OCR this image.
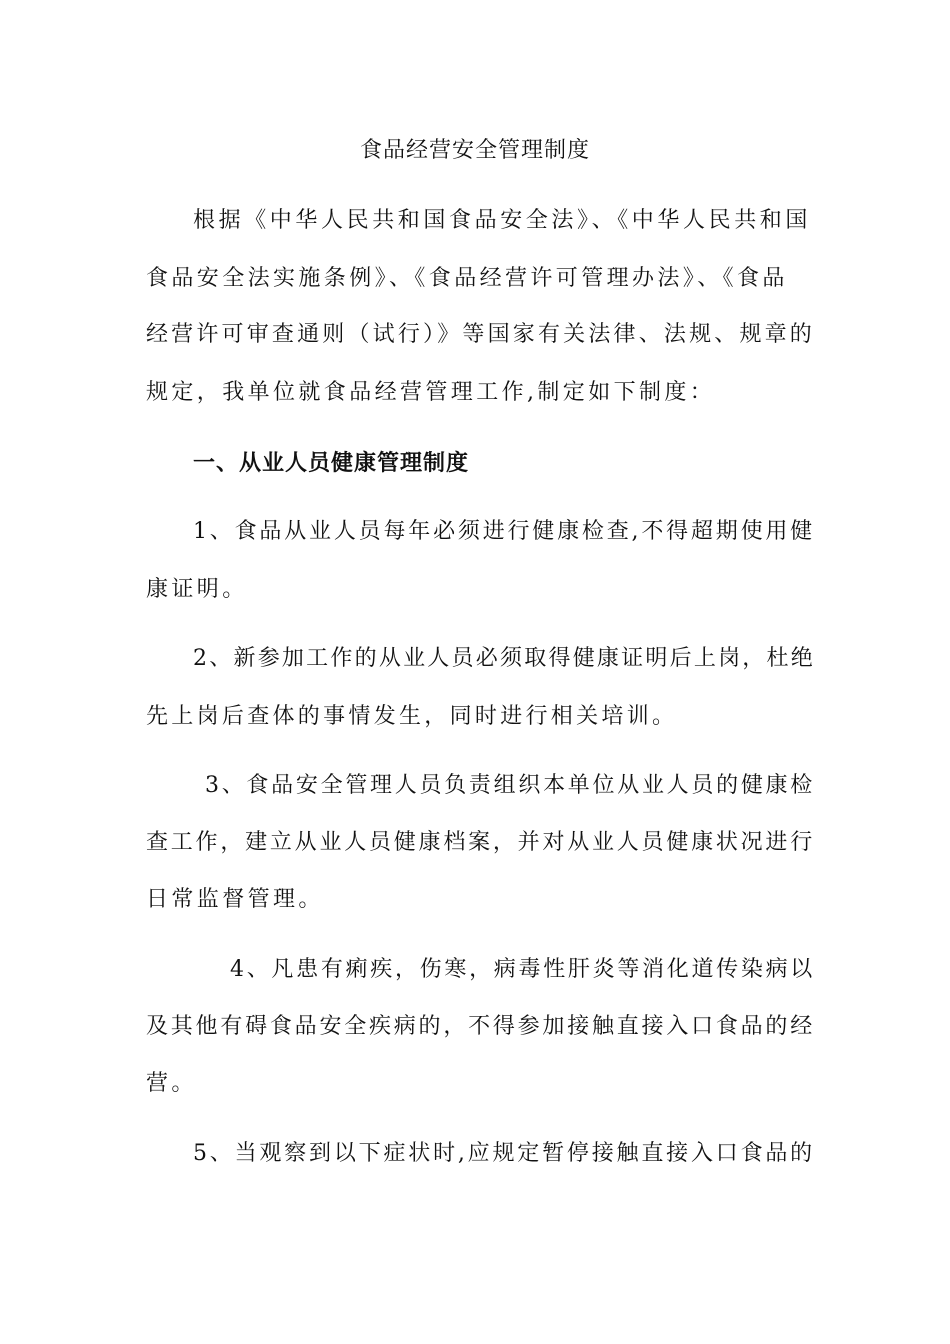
食品经营安全管理制度
根据《中华人民共和国食品安全法》、《中华人民共和国
食品安全法实施条例》、《食品经营许可管理办法》、《食品
经营许可审查通则（试行）》等国家有关法律、法规、规章的
规定，我单位就食品经营管理工作,制定如下制度：
一、从业人员健康管理制度
1、食品从业人员每年必须进行健康检查,不得超期使用健
康证明。
2、新参加工作的从业人员必须取得健康证明后上岗，杜绝
先上岗后查体的事情发生，同时进行相关培训。
3、食品安全管理人员负责组织本单位从业人员的健康检
查工作，建立从业人员健康档案，并对从业人员健康状况进行
日常监督管理。
4、凡患有痢疾，伤寒，病毒性肝炎等消化道传染病以
及其他有碍食品安全疾病的，不得参加接触直接入口食品的经
营。
5、当观察到以下症状时,应规定暂停接触直接入口食品的
